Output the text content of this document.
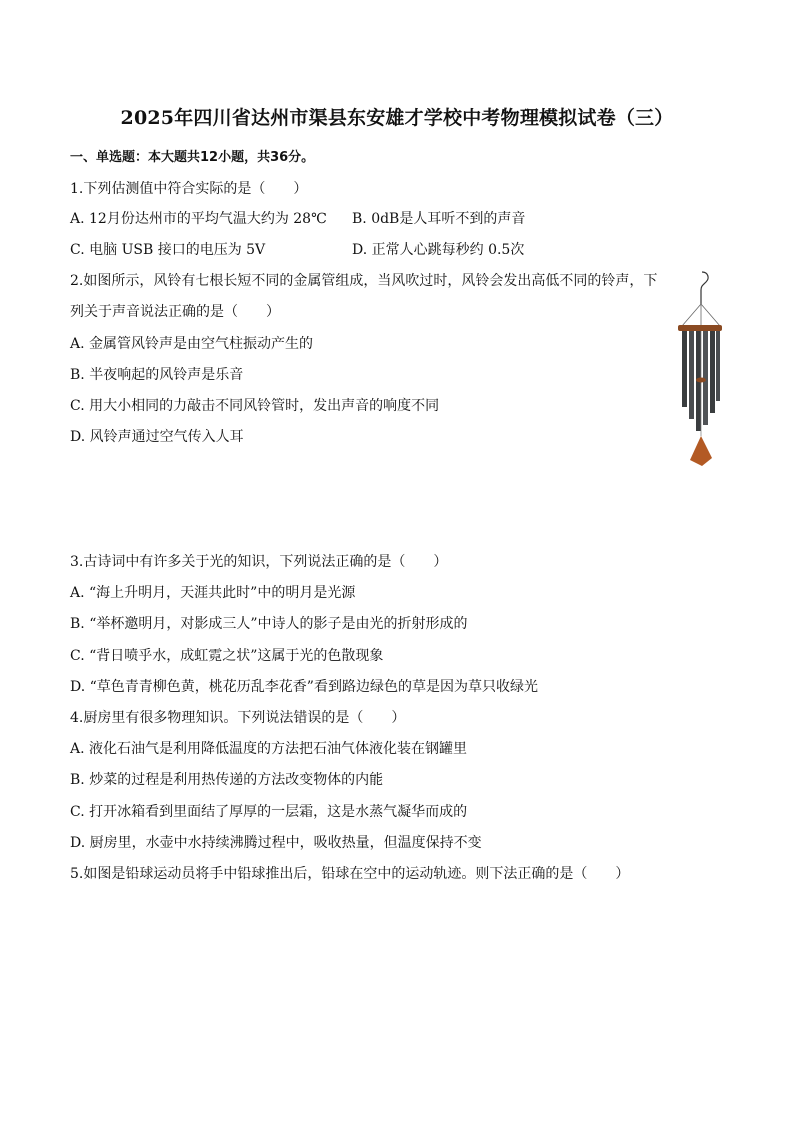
2025年四川省达州市渠县东安雄才学校中考物理模拟试卷（三）
一、单选题：本大题共12小题，共36分。
1.下列估测值中符合实际的是（　　）
A. 12月份达州市的平均气温大约为 28℃ B. 0dB是人耳听不到的声音
C. 电脑 USB 接口的电压为 5V	D. 正常人心跳每秒约 0.5次
2.如图所示，风铃有七根长短不同的金属管组成，当风吹过时，风铃会发出高低不同的铃声，下
列关于声音说法正确的是（　　）
A. 金属管风铃声是由空气柱振动产生的
B. 半夜响起的风铃声是乐音
C. 用大小相同的力敲击不同风铃管时，发出声音的响度不同
D. 风铃声通过空气传入人耳
3.古诗词中有许多关于光的知识，下列说法正确的是（　　）
A. “海上升明月，天涯共此时”中的明月是光源
B. “举杯邀明月，对影成三人”中诗人的影子是由光的折射形成的
C. “背日喷乎水，成虹霓之状”这属于光的色散现象
D. “草色青青柳色黄，桃花历乱李花香”看到路边绿色的草是因为草只收绿光
4.厨房里有很多物理知识。下列说法错误的是（　　）
A. 液化石油气是利用降低温度的方法把石油气体液化装在钢罐里
B. 炒菜的过程是利用热传递的方法改变物体的内能
C. 打开冰箱看到里面结了厚厚的一层霜，这是水蒸气凝华而成的
D. 厨房里，水壶中水持续沸腾过程中，吸收热量，但温度保持不变
5.如图是铅球运动员将手中铅球推出后，铅球在空中的运动轨迹。则下法正确的是（　　）
